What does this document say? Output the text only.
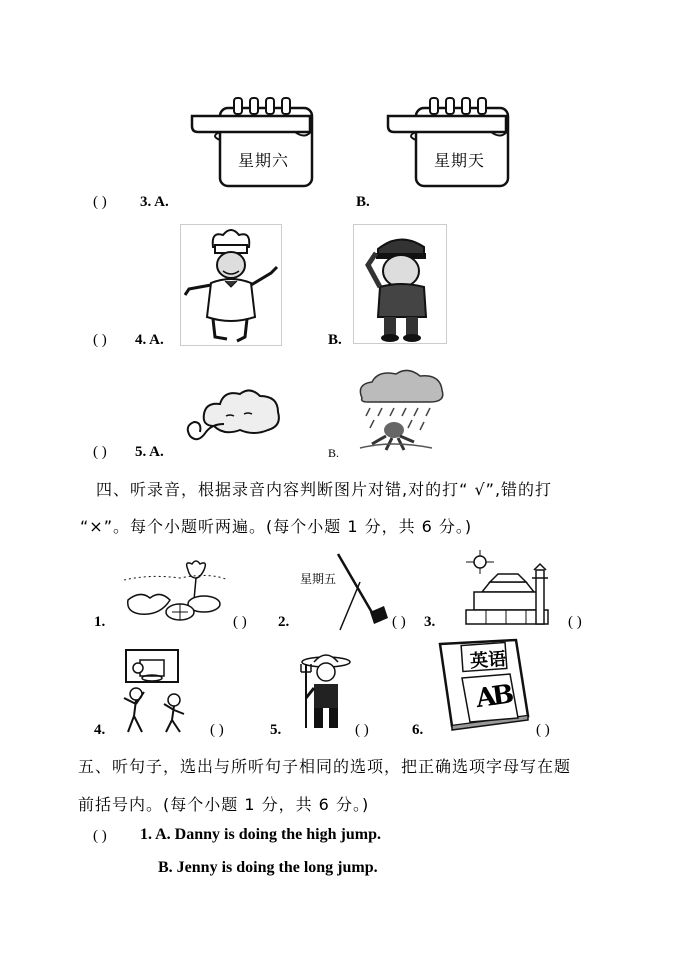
星期六	星期天
( ) 3. A.	B.
( ) 4. A.	B.
( ) 5. A.	B.
四、听录音，根据录音内容判断图片对错,对的打“ √”,错的打
“×”。每个小题听两遍。(每个小题 1 分，共 6 分。)
1.	( )
星期五
2.	( ) 3.	( )
4.	( )	5.	( )
英语
AB
6.	( )
五、听句子，选出与所听句子相同的选项，把正确选项字母写在题
前括号内。(每个小题 1 分，共 6 分。)
( ) 1. A. Danny is doing the high jump.
B. Jenny is doing the long jump.
